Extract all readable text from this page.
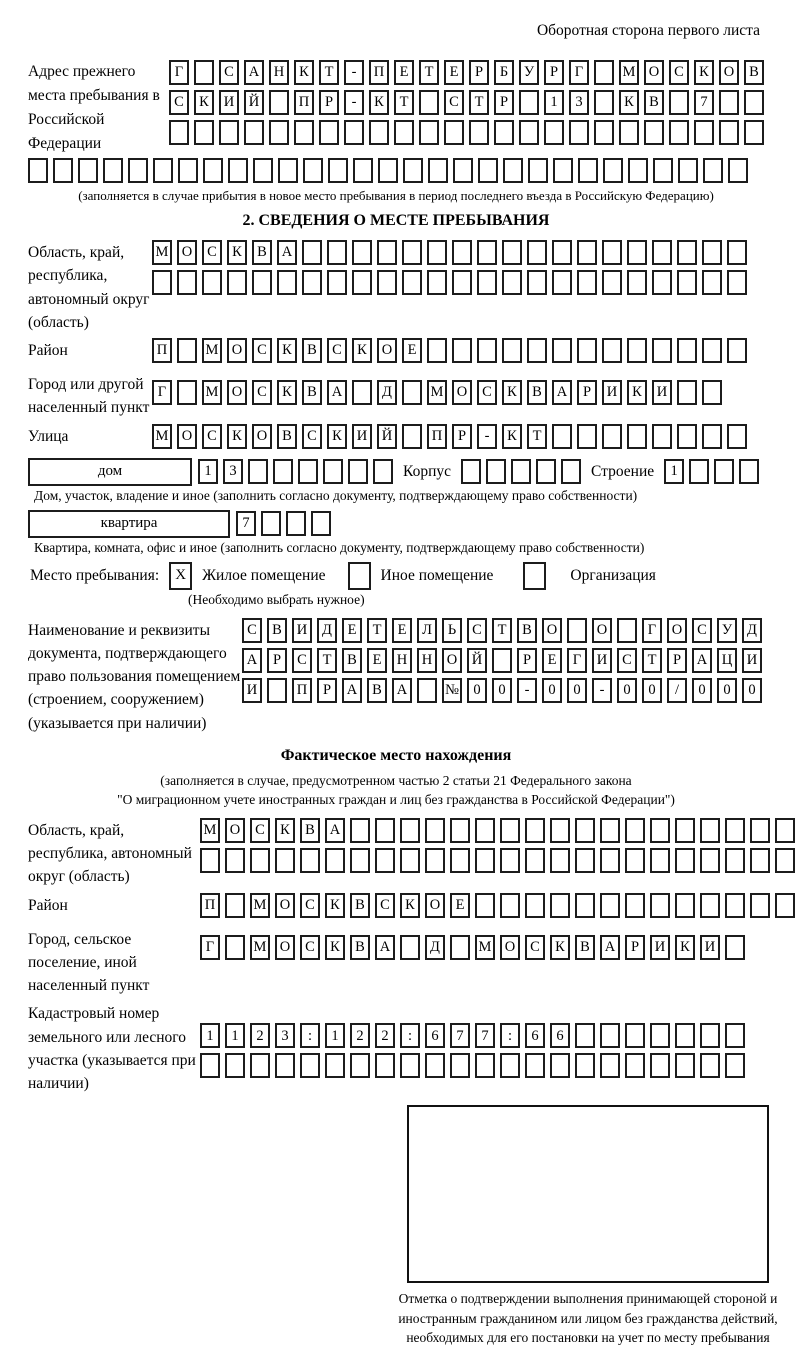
Оборотная сторона первого листа
Адрес прежнего места пребывания в Российской Федерации
Г	С	А	Н	К	Т	-	П	Е	Т	Е	Р	Б	У	Р	Г	М О	С	К	О	В
С	К	И	Й	П	Р	-	К	Т	С	Т	Р	1	3	К	В	7
(заполняется в случае прибытия в новое место пребывания в период последнего въезда в Российскую Федерацию)
2. СВЕДЕНИЯ О МЕСТЕ ПРЕБЫВАНИЯ
Область, край, республика, автономный округ (область)
М О	С	К	В	А
Район	П	М О	С	К	В	С	К	О	Е
Город или другой населенный пункт
Г	М О	С	К	В	А	Д	М О	С	К	В	А	Р	И	К	И
Улица	М О	С	К	О	В	С	К	И	Й	П	Р	-	К	Т
дом	1	3	Корпус	Строение	1
Дом, участок, владение и иное (заполнить согласно документу, подтверждающему право собственности)
квартира	7
Квартира, комната, офис и иное (заполнить согласно документу, подтверждающему право собственности)
Место пребывания:	X	Жилое помещение	Иное помещение	Организация
(Необходимо выбрать нужное)
Наименование и реквизиты документа, подтверждающего право пользования помещением (строением, сооружением) (указывается при наличии)
С	В	И	Д	Е	Т	Е	Л	Ь	С	Т	В	О	О	Г	О	С	У	Д
А	Р	С	Т	В	Е	Н	Н	О	Й	Р	Е	Г	И	С	Т	Р	А	Ц	И
И	П	Р	А	В	А	№ 0	0	-	0	0	-	0	0	/	0	0	0
Фактическое место нахождения
(заполняется в случае, предусмотренном частью 2 статьи 21 Федерального закона
"О миграционном учете иностранных граждан и лиц без гражданства в Российской Федерации")
Область, край, республика, автономный округ (область)
М О	С	К	В	А
Район	П	М О	С	К	В	С	К	О	Е
Город, сельское поселение, иной населенный пункт
Г	М О	С	К	В	А	Д	М О	С	К	В	А	Р	И	К	И
Кадастровый номер земельного или лесного участка (указывается при наличии)
1	1	2	3	:	1	2	2	:	6	7	7	:	6	6

Отметка о подтверждении выполнения принимающей стороной и иностранным гражданином или лицом без гражданства действий, необходимых для его постановки на учет по месту пребывания
